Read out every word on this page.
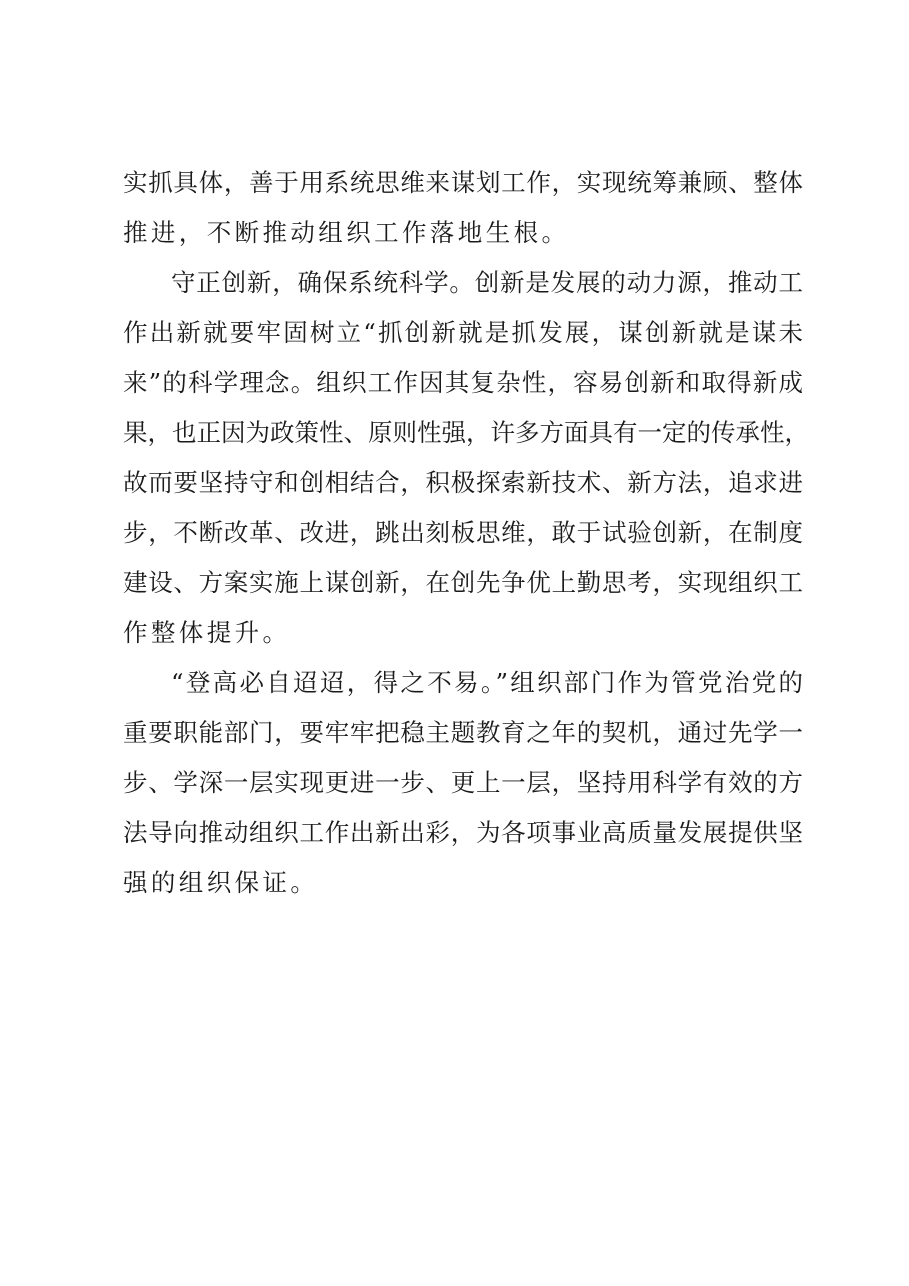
实抓具体，善于用系统思维来谋划工作，实现统筹兼顾、整体
推进，不断推动组织工作落地生根。
守正创新，确保系统科学。创新是发展的动力源，推动工
作出新就要牢固树立“抓创新就是抓发展，谋创新就是谋未
来”的科学理念。组织工作因其复杂性，容易创新和取得新成
果，也正因为政策性、原则性强，许多方面具有一定的传承性，
故而要坚持守和创相结合，积极探索新技术、新方法，追求进
步，不断改革、改进，跳出刻板思维，敢于试验创新，在制度
建设、方案实施上谋创新，在创先争优上勤思考，实现组织工
作整体提升。
“登高必自迢迢，得之不易。”组织部门作为管党治党的
重要职能部门，要牢牢把稳主题教育之年的契机，通过先学一
步、学深一层实现更进一步、更上一层，坚持用科学有效的方
法导向推动组织工作出新出彩，为各项事业高质量发展提供坚
强的组织保证。
